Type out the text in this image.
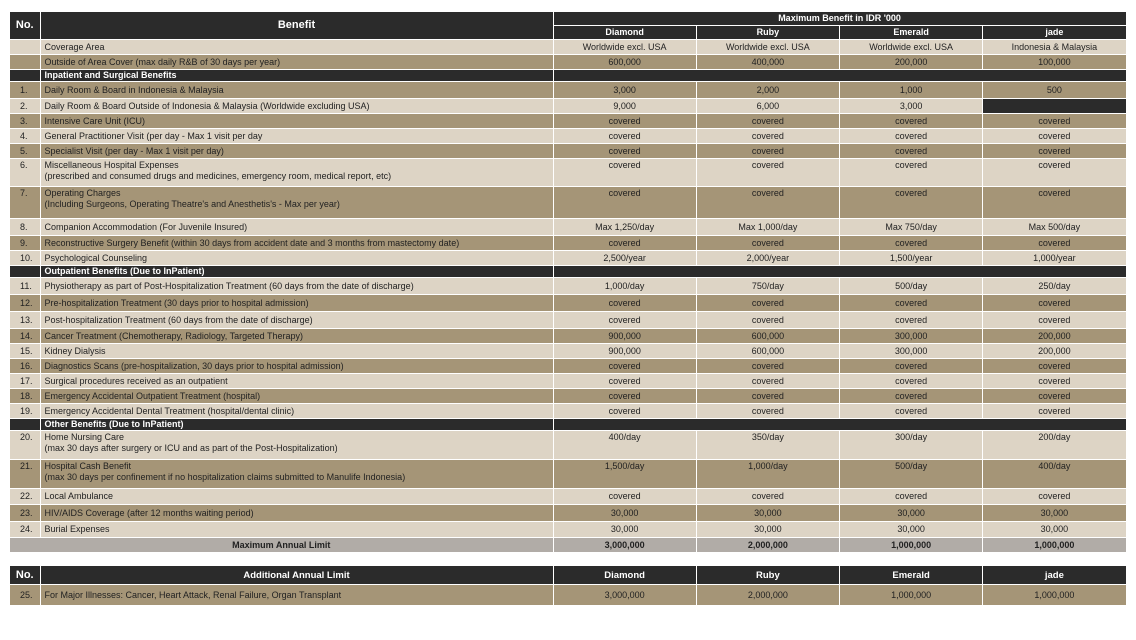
No.	Benefit	Maximum Benefit in IDR '000			
		Diamond	Ruby	Emerald	jade

	Coverage Area	Worldwide excl. USA	Worldwide excl. USA	Worldwide excl. USA	Indonesia & Malaysia

	Outside of Area Cover (max daily R&B of 30 days per year)	600,000	400,000	200,000	100,000
	Inpatient and Surgical Benefits				
1.	Daily Room & Board in Indonesia & Malaysia	3,000	2,000	1,000	500
2.	Daily Room & Board Outside of Indonesia & Malaysia (Worldwide excluding USA)	9,000	6,000	3,000	
3.	Intensive Care Unit (ICU)	covered	covered	covered	covered
4.	General Practitioner Visit (per day - Max 1 visit per day	covered	covered	covered	covered
5.	Specialist Visit (per day - Max 1 visit per day)	covered	covered	covered	covered
6.	Miscellaneous Hospital Expenses
(prescribed and consumed drugs and medicines, emergency room, medical report, etc)	covered	covered	covered	covered
7.	Operating Charges
(Including Surgeons, Operating Theatre's and Anesthetis's - Max per year)	covered	covered	covered	covered
8.	Companion Accommodation (For Juvenile Insured)	Max 1,250/day	Max 1,000/day	Max 750/day	Max 500/day
9.	Reconstructive Surgery Benefit (within 30 days from accident date and 3 months from mastectomy date)	covered	covered	covered	covered
10.	Psychological Counseling	2,500/year	2,000/year	1,500/year	1,000/year
	Outpatient Benefits (Due to InPatient)				
11.	Physiotherapy as part of Post-Hospitalization Treatment (60 days from the date of discharge)	1,000/day	750/day	500/day	250/day
12.	Pre-hospitalization Treatment (30 days prior to hospital admission)	covered	covered	covered	covered
13.	Post-hospitalization Treatment (60 days from the date of discharge)	covered	covered	covered	covered
14.	Cancer Treatment (Chemotherapy, Radiology, Targeted Therapy)	900,000	600,000	300,000	200,000
15.	Kidney Dialysis	900,000	600,000	300,000	200,000
16.	Diagnostics Scans (pre-hospitalization, 30 days prior to hospital admission)	covered	covered	covered	covered
17.	Surgical procedures received as an outpatient	covered	covered	covered	covered
18.	Emergency Accidental Outpatient Treatment (hospital)	covered	covered	covered	covered
19.	Emergency Accidental Dental Treatment (hospital/dental clinic)	covered	covered	covered	covered
	Other Benefits (Due to InPatient)				
20.	Home Nursing Care
(max 30 days after surgery or ICU and as part of the Post-Hospitalization)	400/day	350/day	300/day	200/day
21.	Hospital Cash Benefit
(max 30 days per confinement if no hospitalization claims submitted to Manulife Indonesia)	1,500/day	1,000/day	500/day	400/day
22.	Local Ambulance	covered	covered	covered	covered
23.	HIV/AIDS Coverage (after 12 months waiting period)	30,000	30,000	30,000	30,000
24.	Burial Expenses	30,000	30,000	30,000	30,000
Maximum Annual Limit		3,000,000	2,000,000	1,000,000	1,000,000
No.	Additional Annual Limit	Diamond	Ruby	Emerald	jade
25.	For Major Illnesses: Cancer, Heart Attack, Renal Failure, Organ Transplant	3,000,000	2,000,000	1,000,000	1,000,000
